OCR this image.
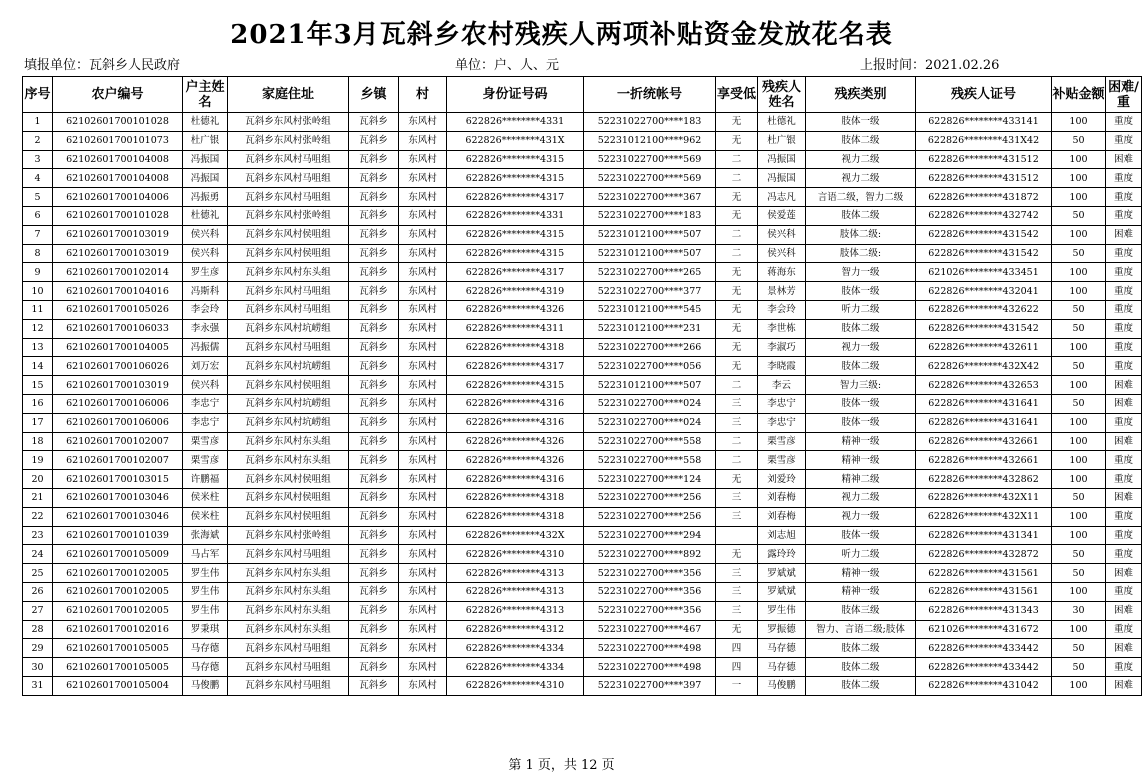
2021年3月瓦斜乡农村残疾人两项补贴资金发放花名表
填报单位：瓦斜乡人民政府	单位：户、人、元	上报时间：2021.02.26
序号	农户编号	户主姓名	家庭住址	乡镇	村	身份证号码	一折统帐号	享受低	残疾人姓名	残疾类别	残疾人证号	补贴金额	困难/重
1	62102601700101028	杜德礼	瓦斜乡东风村张岭组	瓦斜乡	东风村	622826********4331	52231022700****183	无	杜德礼	肢体一级	622826********433141	100	重度
2	62102601700101073	杜广银	瓦斜乡东风村张岭组	瓦斜乡	东风村	622826********431X	52231012100****962	无	杜广银	肢体二级	622826********431X42	50	重度
3	62102601700104008	冯振国	瓦斜乡东风村马咀组	瓦斜乡	东风村	622826********4315	52231022700****569	二	冯振国	视力二级	622826********431512	100	困难
4	62102601700104008	冯振国	瓦斜乡东风村马咀组	瓦斜乡	东风村	622826********4315	52231022700****569	二	冯振国	视力二级	622826********431512	100	重度
5	62102601700104006	冯振勇	瓦斜乡东风村马咀组	瓦斜乡	东风村	622826********4317	52231022700****367	无	冯志凡	言语二级，智力二级	622826********431872	100	重度
6	62102601700101028	杜德礼	瓦斜乡东风村张岭组	瓦斜乡	东风村	622826********4331	52231022700****183	无	侯爱莲	肢体二级	622826********432742	50	重度
7	62102601700103019	侯兴科	瓦斜乡东风村侯咀组	瓦斜乡	东风村	622826********4315	52231012100****507	二	侯兴科	肢体二级:	622826********431542	100	困难
8	62102601700103019	侯兴科	瓦斜乡东风村侯咀组	瓦斜乡	东风村	622826********4315	52231012100****507	二	侯兴科	肢体二级:	622826********431542	50	重度
9	62102601700102014	罗生彦	瓦斜乡东风村东头组	瓦斜乡	东风村	622826********4317	52231022700****265	无	蒋海东	智力一级	621026********433451	100	重度
10	62102601700104016	冯斯科	瓦斜乡东风村马咀组	瓦斜乡	东风村	622826********4319	52231022700****377	无	景林芳	肢体一级	622826********432041	100	重度
11	62102601700105026	李会玲	瓦斜乡东风村马咀组	瓦斜乡	东风村	622826********4326	52231012100****545	无	李会玲	听力二级	622826********432622	50	重度
12	62102601700106033	李永强	瓦斜乡东风村坑崂组	瓦斜乡	东风村	622826********4311	52231012100****231	无	李世栋	肢体二级	622826********431542	50	重度
13	62102601700104005	冯振儒	瓦斜乡东风村马咀组	瓦斜乡	东风村	622826********4318	52231022700****266	无	李淑巧	视力一级	622826********432611	100	重度
14	62102601700106026	刘万宏	瓦斜乡东风村坑崂组	瓦斜乡	东风村	622826********4317	52231022700****056	无	李晓霞	肢体二级	622826********432X42	50	重度
15	62102601700103019	侯兴科	瓦斜乡东风村侯咀组	瓦斜乡	东风村	622826********4315	52231012100****507	二	李云	智力三级:	622826********432653	100	困难
16	62102601700106006	李忠宁	瓦斜乡东风村坑崂组	瓦斜乡	东风村	622826********4316	52231022700****024	三	李忠宁	肢体一级	622826********431641	50	困难
17	62102601700106006	李忠宁	瓦斜乡东风村坑崂组	瓦斜乡	东风村	622826********4316	52231022700****024	三	李忠宁	肢体一级	622826********431641	100	重度
18	62102601700102007	栗雪彦	瓦斜乡东风村东头组	瓦斜乡	东风村	622826********4326	52231022700****558	二	栗雪彦	精神一级	622826********432661	100	困难
19	62102601700102007	栗雪彦	瓦斜乡东风村东头组	瓦斜乡	东风村	622826********4326	52231022700****558	二	栗雪彦	精神一级	622826********432661	100	重度
20	62102601700103015	许鹏福	瓦斜乡东风村侯咀组	瓦斜乡	东风村	622826********4316	52231022700****124	无	刘爱玲	精神二级	622826********432862	100	重度
21	62102601700103046	侯米柱	瓦斜乡东风村侯咀组	瓦斜乡	东风村	622826********4318	52231022700****256	三	刘春梅	视力二级	622826********432X11	50	困难
22	62102601700103046	侯米柱	瓦斜乡东风村侯咀组	瓦斜乡	东风村	622826********4318	52231022700****256	三	刘春梅	视力一级	622826********432X11	100	重度
23	62102601700101039	张海斌	瓦斜乡东风村张岭组	瓦斜乡	东风村	622826********432X	52231022700****294		刘志旭	肢体一级	622826********431341	100	重度
24	62102601700105009	马占军	瓦斜乡东风村马咀组	瓦斜乡	东风村	622826********4310	52231022700****892	无	露玲玲	听力二级	622826********432872	50	重度
25	62102601700102005	罗生伟	瓦斜乡东风村东头组	瓦斜乡	东风村	622826********4313	52231022700****356	三	罗斌斌	精神一级	622826********431561	50	困难
26	62102601700102005	罗生伟	瓦斜乡东风村东头组	瓦斜乡	东风村	622826********4313	52231022700****356	三	罗斌斌	精神一级	622826********431561	100	重度
27	62102601700102005	罗生伟	瓦斜乡东风村东头组	瓦斜乡	东风村	622826********4313	52231022700****356	三	罗生伟	肢体三级	622826********431343	30	困难
28	62102601700102016	罗秉琪	瓦斜乡东风村东头组	瓦斜乡	东风村	622826********4312	52231022700****467	无	罗振德	智力、言语二级;肢体	621026********431672	100	重度
29	62102601700105005	马存德	瓦斜乡东风村马咀组	瓦斜乡	东风村	622826********4334	52231022700****498	四	马存德	肢体二级	622826********433442	50	困难
30	62102601700105005	马存德	瓦斜乡东风村马咀组	瓦斜乡	东风村	622826********4334	52231022700****498	四	马存德	肢体二级	622826********433442	50	重度
31	62102601700105004	马俊鹏	瓦斜乡东风村马咀组	瓦斜乡	东风村	622826********4310	52231022700****397	一	马俊鹏	肢体二级	622826********431042	100	困难
第 1 页，共 12 页
